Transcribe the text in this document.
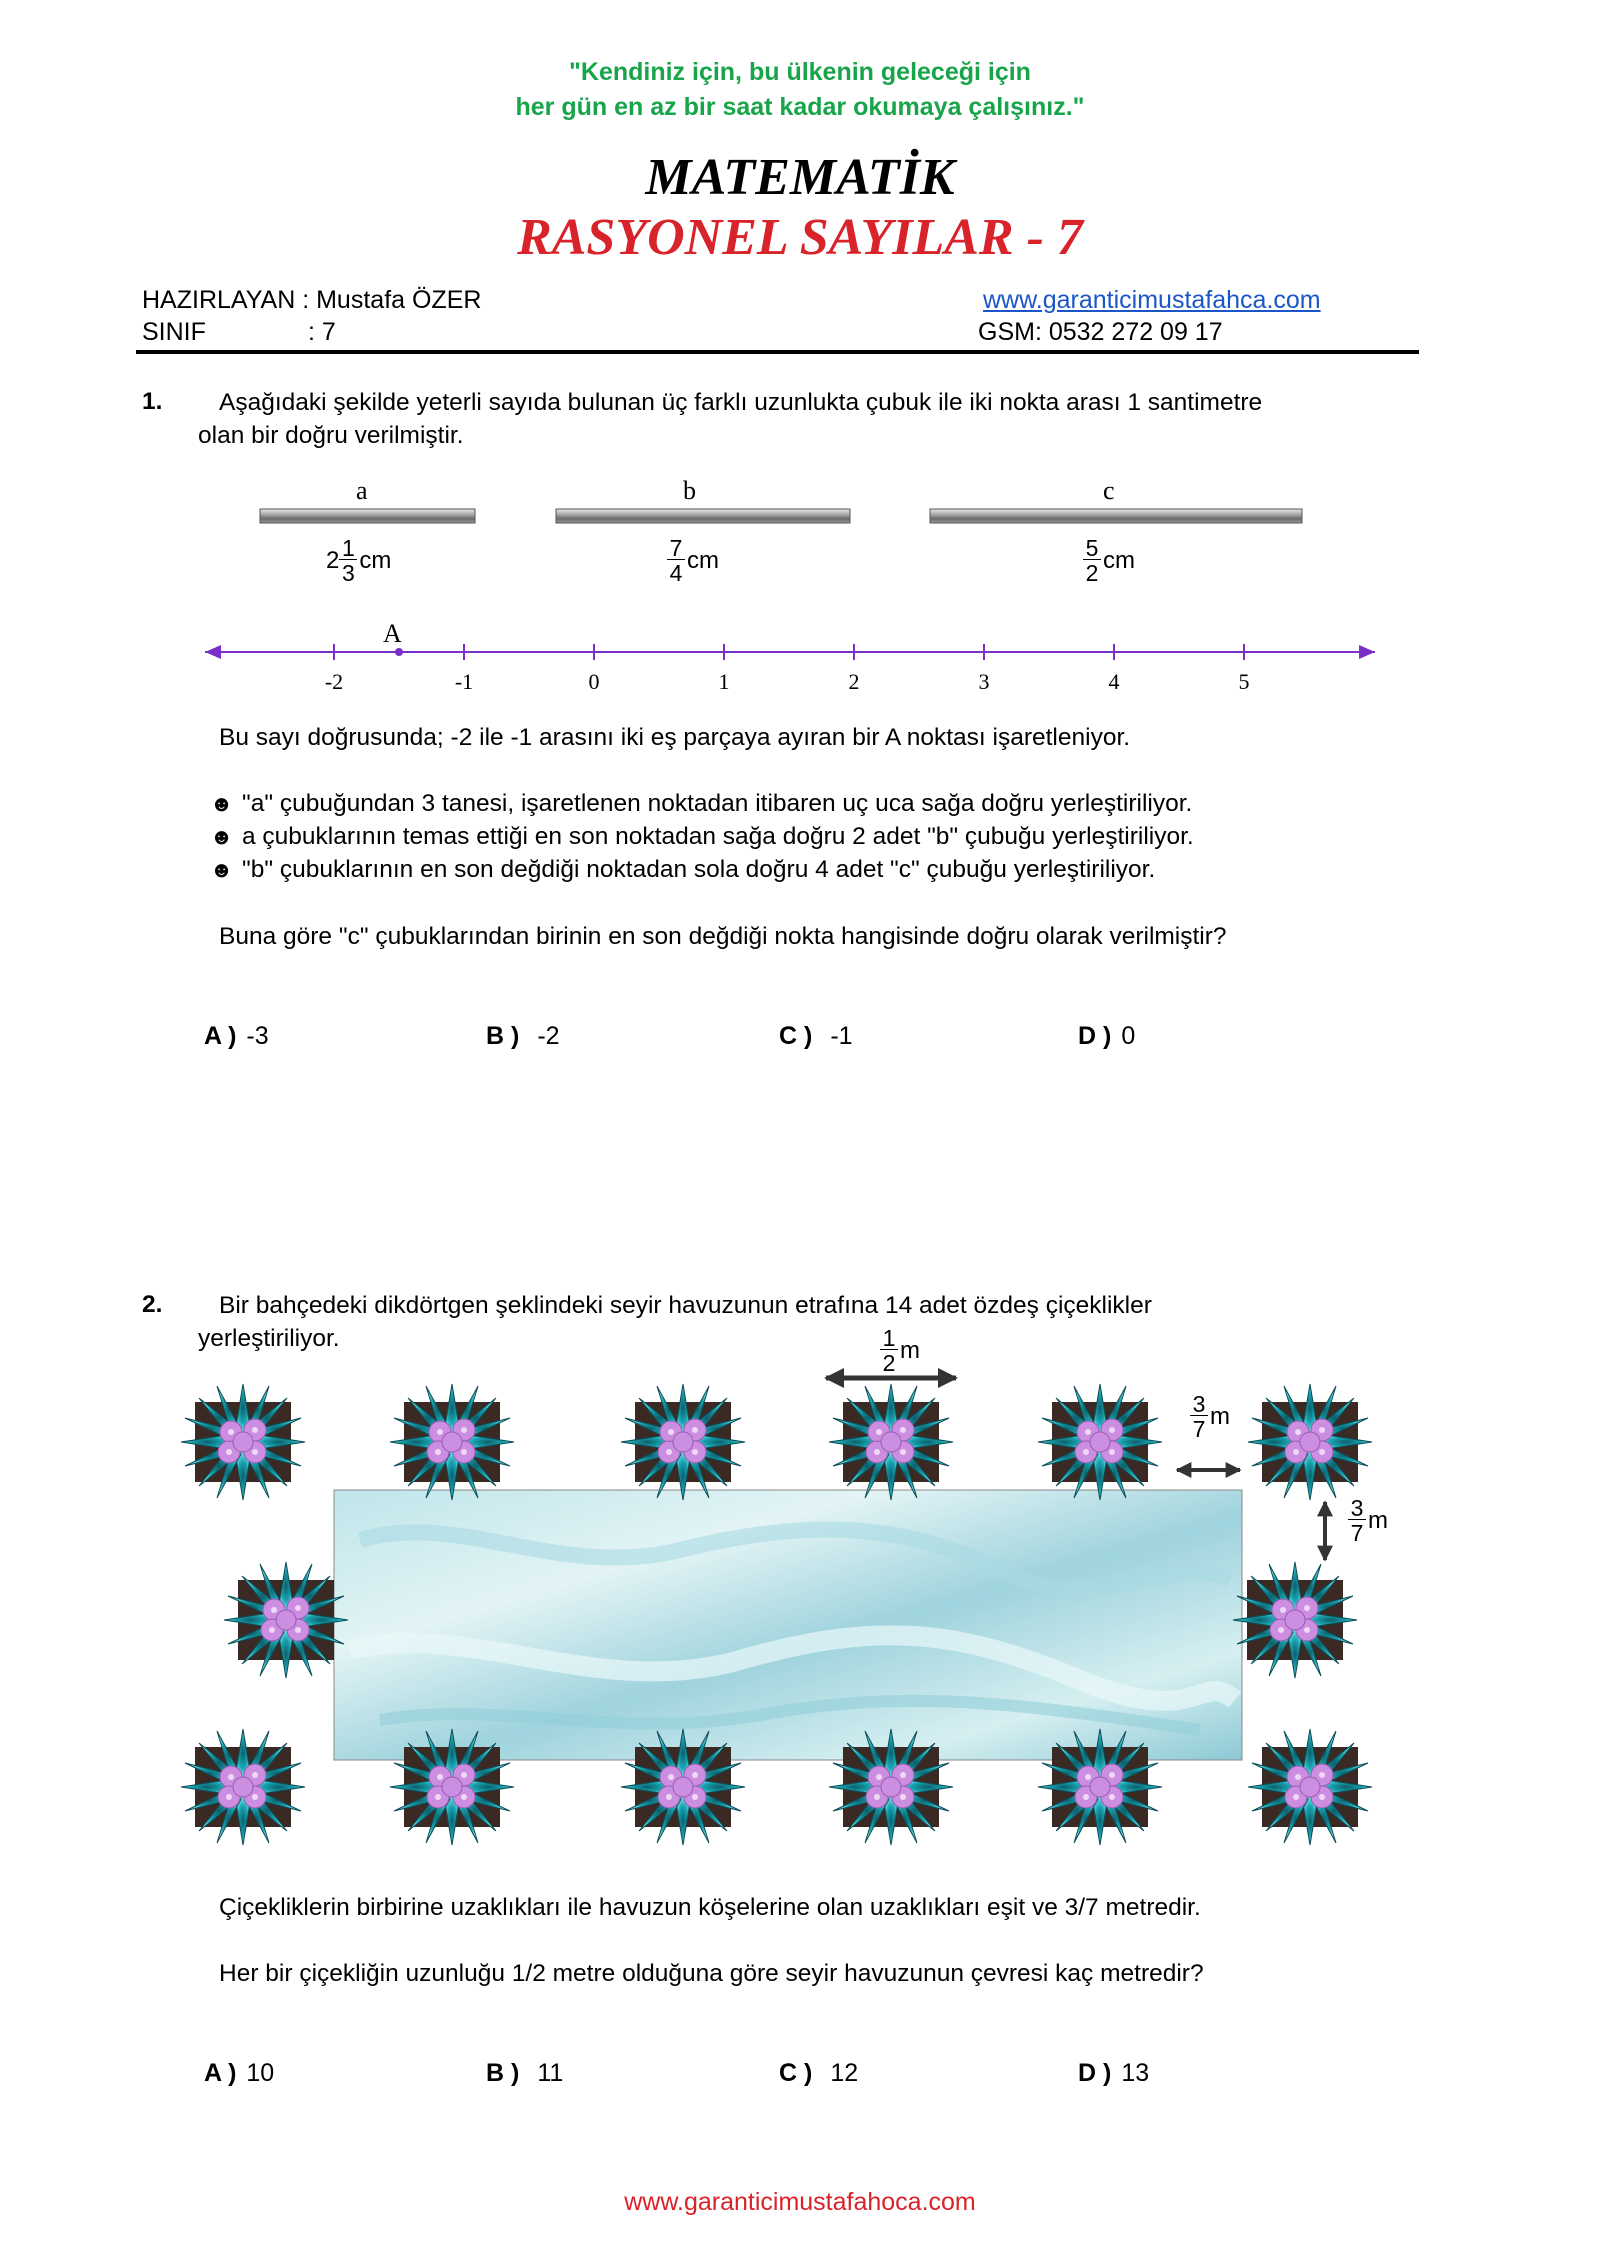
"Kendiniz için, bu ülkenin geleceği için
her gün en az bir saat kadar okumaya çalışınız."
MATEMATİK
RASYONEL SAYILAR - 7
HAZIRLAYAN : Mustafa ÖZER	www.garanticimustafahca.com
SINIF	: 7	GSM: 0532 272 09 17
1. Aşağıdaki şekilde yeterli sayıda bulunan üç farklı uzunlukta çubuk ile iki nokta arası 1 santimetre
olan bir doğru verilmiştir.
a	b	c
$2 \frac{1}{3}$ cm	$\frac{7}{4}$ cm	$\frac{5}{2}$ cm
A
-2	-1	0	1	2	3	4	5
Bu sayı doğrusunda; -2 ile -1 arasını iki eş parçaya ayıran bir A noktası işaretleniyor.
☻ "a" çubuğundan 3 tanesi, işaretlenen noktadan itibaren uç uca sağa doğru yerleştiriliyor.
☻ a çubuklarının temas ettiği en son noktadan sağa doğru 2 adet "b" çubuğu yerleştiriliyor.
☻ "b" çubuklarının en son değdiği noktadan sola doğru 4 adet "c" çubuğu yerleştiriliyor.
Buna göre "c" çubuklarından birinin en son değdiği nokta hangisinde doğru olarak verilmiştir?
A ) -3	B ) -2	C ) -1	D ) 0
2. Bir bahçedeki dikdörtgen şeklindeki seyir havuzunun etrafına 14 adet özdeş çiçeklikler
yerleştiriliyor.	$\frac{1}{2}$ m
$\frac{3}{7}$ m
$\frac{3}{7}$ m
Çiçekliklerin birbirine uzaklıkları ile havuzun köşelerine olan uzaklıkları eşit ve 3/7 metredir.
Her bir çiçekliğin uzunluğu 1/2 metre olduğuna göre seyir havuzunun çevresi kaç metredir?
A ) 10	B ) 11	C ) 12	D ) 13
www.garanticimustafahoca.com
